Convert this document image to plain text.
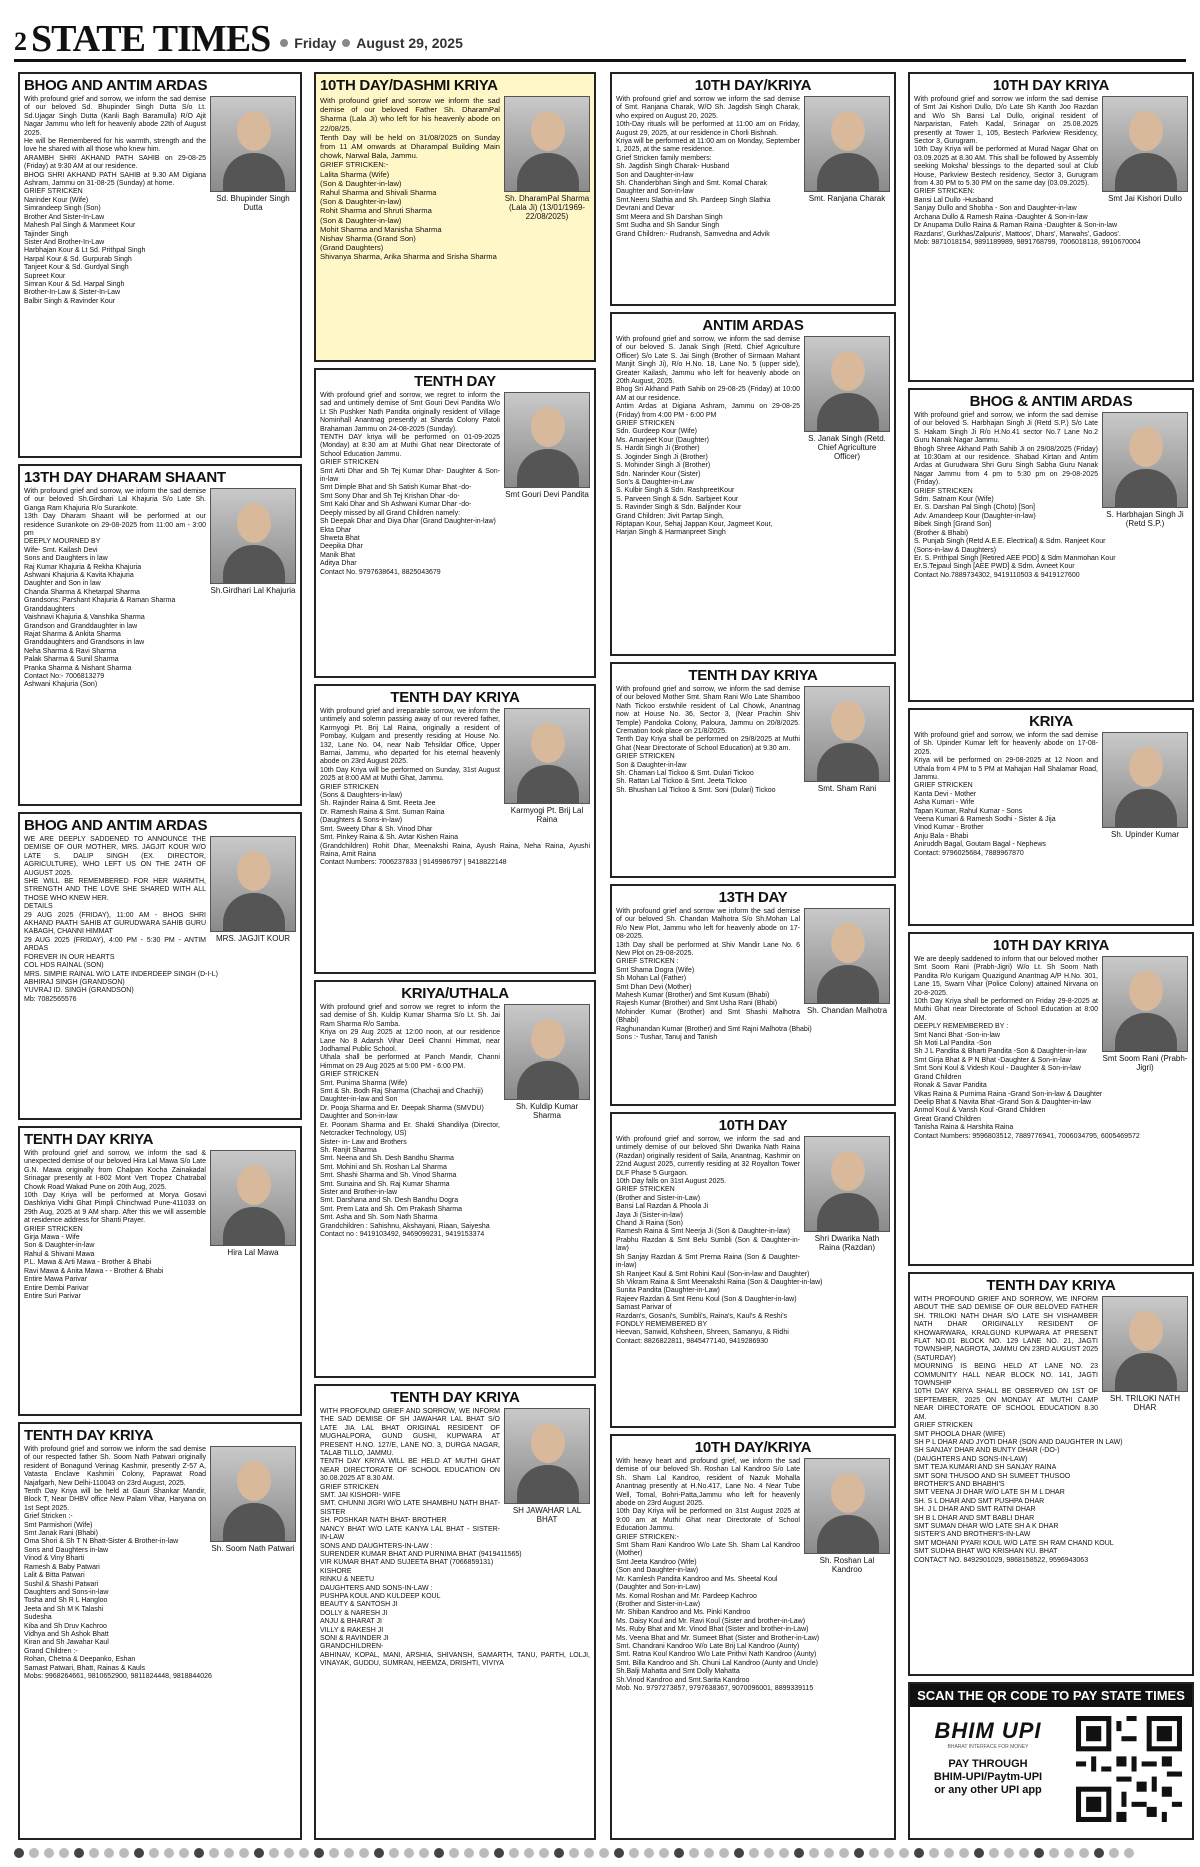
2 STATE TIMES Friday August 29, 2025
BHOG AND ANTIM ARDAS
Sd. Bhupinder Singh Dutta

With profound grief and sorrow, we inform the sad demise of our beloved Sd. Bhupinder Singh Dutta S/o Lt. Sd.Ujagar Singh Dutta (Kanli Bagh Baramulla) R/O Ajit Nagar Jammu who left for heavenly abode 22th of August 2025.
He will be Remembered for his warmth, strength and the love he shared with all those who knew him.
ARAMBH SHRI AKHAND PATH SAHIB on 29-08-25 (Friday) at 9:30 AM at our residence.
BHOG SHRI AKHAND PATH SAHIB at 9.30 AM Digiana Ashram, Jammu on 31-08-25 (Sunday) at home.
GRIEF STRICKEN
Narinder Kour (Wife)
Simrandeep Singh (Son)
Brother And Sister-In-Law
Mahesh Pal Singh & Manmeet Kour
Tajinder Singh
Sister And Brother-In-Law
Harbhajan Kour & Lt Sd. Prithpal Singh
Harpal Kour & Sd. Gurpurab Singh
Tanjeet Kour & Sd. Gurdyal Singh
Supreet Kour
Simran Kour & Sd. Harpal Singh
Brother-In-Law & Sister-In-Law
Balbir Singh & Ravinder Kour

13TH DAY DHARAM SHAANT
Sh.Girdhari Lal Khajuria

With profound grief and sorrow, we inform the sad demise of our beloved Sh.Girdhari Lal Khajuria S/o Late Sh. Ganga Ram Khajuria R/o Surankote.
13th Day Dharam Shaant will be performed at our residence Surankote on 29-08-2025 from 11:00 am - 3:00 pm
DEEPLY MOURNED BY
Wife- Smt. Kailash Devi
Sons and Daughters in law
Raj Kumar Khajuria & Rekha Khajuria
Ashwani Khajuria & Kavita Khajuria
Daughter and Son in law
Chanda Sharma & Khetarpal Sharma
Grandsons: Parshant Khajuria & Raman Sharma
Granddaughters
Vaishnavi Khajuria & Vanshika Sharma
Grandson and Granddaughter in law
Rajat Sharma & Ankita Sharma
Granddaughters and Grandsons in law
Neha Sharma & Ravi Sharma
Palak Sharma & Sunil Sharma
Pranka Sharma & Nishant Sharma
Contact No:- 7006813279
Ashwani Khajuria (Son)

BHOG AND ANTIM ARDAS
MRS. JAGJIT KOUR

WE ARE DEEPLY SADDENED TO ANNOUNCE THE DEMISE OF OUR MOTHER, MRS. JAGJIT KOUR W/O LATE S. DALIP SINGH (EX. DIRECTOR, AGRICULTURE), WHO LEFT US ON THE 24TH OF AUGUST 2025.
SHE WILL BE REMEMBERED FOR HER WARMTH, STRENGTH AND THE LOVE SHE SHARED WITH ALL THOSE WHO KNEW HER.
DETAILS
29 AUG 2025 (FRIDAY), 11:00 AM - BHOG SHRI AKHAND PAATH SAHIB AT GURUDWARA SAHIB GURU KABAGH, CHANNI HIMMAT
29 AUG 2025 (FRIDAY), 4:00 PM - 5:30 PM - ANTIM ARDAS
FOREVER IN OUR HEARTS
COL HDS RAINAL (SON)
MRS. SIMPIE RAINAL W/O LATE INDERDEEP SINGH (D-I-L)
ABHIRAJ SINGH (GRANDSON)
YUVRAJ ID. SINGH (GRANDSON)
Mb: 7082565576

TENTH DAY KRIYA
Hira Lal Mawa

With profound grief and sorrow, we inform the sad & unexpected demise of our beloved Hira Lal Mawa S/o Late G.N. Mawa originally from Chalpan Kocha Zainakadal Srinagar presently at I-802 Mont Vert Tropez Chatrabal Chowk Road Wakad Pune on 20th Aug, 2025.
10th Day Kriya will be performed at Morya Gosavi Dashkriya Vidhi Ghat Pimpli Chinchwad Pune-411033 on 29th Aug, 2025 at 9 AM sharp. After this we will assemble at residence address for Shanti Prayer.
GRIEF STRICKEN
Girja Mawa - Wife
Son & Daughter-in-law
Rahul & Shivani Mawa
P.L. Mawa & Arti Mawa - Brother & Bhabi
Ravi Mawa & Anita Mawa - - Brother & Bhabi
Entire Mawa Parivar
Entire Dembi Parivar
Entire Suri Parivar

TENTH DAY KRIYA
Sh. Soom Nath Patwari

With profound grief and sorrow we inform the sad demise of our respected father Sh. Soom Nath Patwari originally resident of Bonagund Verinag Kashmir, presently Z-57 A, Vatasta Enclave Kashmiri Colony, Paprawat Road Najafgarh, New Delhi-110043 on 23rd August, 2025.
Tenth Day Kriya will be held at Gauri Shankar Mandir, Block T, Near DHBV office New Palam Vihar, Haryana on 1st Sept 2025.
Grief Stricken :-
Smt Parmishori (Wife)
Smt Janak Rani (Bhabi)
Oma Shori & Sh T N Bhatt-Sister & Brother-in-law
Sons and Daughters in-law
Vinod & Viny Bharti
Ramesh & Baby Patwari
Lalit & Bitta Patwari
Sushil & Shashi Patwari
Daughters and Sons-in-law
Tosha and Sh R L Hangloo
Jeeta and Sh M K Talashi
Sudesha
Kiba and Sh Druv Kachroo
Vidhya and Sh Ashok Bhatt
Kiran and Sh Jawahar Kaul
Grand Children :-
Rohan, Chetna & Deepanko, Eshan
Samast Patwari, Bhatt, Rainas & Kauls
Mobs: 9968264661, 9810652900, 9811824448, 9818844026

10TH DAY/DASHMI KRIYA
Sh. DharamPal Sharma (Lala Ji) (13/01/1969-22/08/2025)

With profound grief and sorrow we inform the sad demise of our beloved Father Sh. DharamPal Sharma (Lala Ji) who left for his heavenly abode on 22/08/25.
Tenth Day will be held on 31/08/2025 on Sunday from 11 AM onwards at Dharampal Building Main chowk, Narwal Bala, Jammu.
GRIEF STRICKEN:-
Lalita Sharma (Wife)
(Son & Daughter-in-law)
Rahul Sharma and Shivali Sharma
(Son & Daughter-in-law)
Rohit Sharma and Shruti Sharma
(Son & Daughter-in-law)
Mohit Sharma and Manisha Sharma
Nishav Sharma (Grand Son)
(Grand Daughters)
Shivanya Sharma, Arika Sharma and Srisha Sharma

TENTH DAY
Smt Gouri Devi Pandita

With profound grief and sorrow, we regret to inform the sad and untimely demise of Smt Gouri Devi Pandita W/o Lt Sh Pushker Nath Pandita originally resident of Village Nominhall Anantnag presently at Sharda Colony Patoli Brahaman Jammu on 24-08-2025 (Sunday).
TENTH DAY kriya will be performed on 01-09-2025 (Monday) at 8:30 am at Muthi Ghat near Directorate of School Education Jammu.
GRIEF STRICKEN
Smt Arti Dhar and Sh Tej Kumar Dhar- Daughter & Son-in-law
Smt Dimple Bhat and Sh Satish Kumar Bhat -do-
Smt Sony Dhar and Sh Tej Krishan Dhar -do-
Smt Kaki Dhar and Sh Ashwani Kumar Dhar -do-
Deeply missed by all Grand Children namely:
Sh Deepak Dhar and Diya Dhar (Grand Daughter-in-law)
Ekta Dhar
Shweta Bhat
Deepika Dhar
Manik Bhat
Aditya Dhar
Contact No. 9797638641, 8825043679

TENTH DAY KRIYA
Karmyogi Pt. Brij Lal Raina

With profound grief and irreparable sorrow, we inform the untimely and solemn passing away of our revered father, Karmyogi Pt. Brij Lal Raina, originally a resident of Pombay, Kulgam and presently residing at House No. 132, Lane No. 04, near Naib Tehsildar Office, Upper Barnai, Jammu, who departed for his eternal heavenly abode on 23rd August 2025.
10th Day Kriya will be performed on Sunday, 31st August 2025 at 8:00 AM at Muthi Ghat, Jammu.
GRIEF STRICKEN
(Sons & Daughters-in-law)
Sh. Rajinder Raina & Smt. Reeta Jee
Dr. Ramesh Raina & Smt. Suman Raina
(Daughters & Sons-in-law)
Smt. Sweety Dhar & Sh. Vinod Dhar
Smt. Pinkey Raina & Sh. Avtar Kishen Raina
(Grandchildren) Rohit Dhar, Meenakshi Raina, Ayush Raina, Neha Raina, Ayushi Raina, Amit Raina
Contact Numbers: 7006237833 | 9149986797 | 9418822148

KRIYA/UTHALA
Sh. Kuldip Kumar Sharma

With profound grief and sorrow we regret to inform the sad demise of Sh. Kuldip Kumar Sharma S/o Lt. Sh. Jai Ram Sharma R/o Samba.
Kriya on 29 Aug 2025 at 12:00 noon, at our residence Lane No 8 Adarsh Vihar Deeli Channi Himmat, near Jodhamal Public School.
Uthala shall be performed at Panch Mandir, Channi Himmat on 29 Aug 2025 at 5:00 PM - 6:00 PM.
GRIEF STRICKEN
Smt. Punima Sharma (Wife)
Smt & Sh. Bodh Raj Sharma (Chachaji and Chachiji)
Daughter-in-law and Son
Dr. Pooja Sharma and Er. Deepak Sharma (SMVDU)
Daughter and Son-in-law
Er. Poonam Sharma and Er. Shakti Shandilya (Director, Netcracker Technology, US)
Sister- in- Law and Brothers
Sh. Ranjit Sharma
Smt. Neena and Sh. Desh Bandhu Sharma
Smt. Mohini and Sh. Roshan Lal Sharma
Smt. Shashi Sharma and Sh. Vinod Sharma
Smt. Sunaina and Sh. Raj Kumar Sharma
Sister and Brother-in-law
Smt. Darshana and Sh. Desh Bandhu Dogra
Smt. Prem Lata and Sh. Om Prakash Sharma
Smt. Asha and Sh. Som Nath Sharma
Grandchildren : Sahishnu, Akshayani, Riaan, Saiyesha
Contact no : 9419103492, 9469099231, 9419153374

TENTH DAY KRIYA
SH JAWAHAR LAL BHAT

WITH PROFOUND GRIEF AND SORROW, WE INFORM THE SAD DEMISE OF SH JAWAHAR LAL BHAT S/O LATE JIA LAL BHAT ORIGINAL RESIDENT OF MUGHALPORA, GUND GUSHI, KUPWARA AT PRESENT H.NO. 127/E, LANE NO. 3, DURGA NAGAR, TALAB TILLO, JAMMU.
TENTH DAY KRIYA WILL BE HELD AT MUTHI GHAT NEAR DIRECTORATE OF SCHOOL EDUCATION ON 30.08.2025 AT 8.30 AM.
GRIEF STRICKEN
SMT. JAI KISHORI- WIFE
SMT. CHUNNI JIGRI W/O LATE SHAMBHU NATH BHAT- SISTER
SH. POSHKAR NATH BHAT- BROTHER
NANCY BHAT W/O LATE KANYA LAL BHAT - SISTER-IN-LAW
SONS AND DAUGHTERS-IN-LAW :
SURENDER KUMAR BHAT AND PURNIMA BHAT (9419411565)
VIR KUMAR BHAT AND SUJEETA BHAT (7066859131)
KISHORE
RINKU & NEETU
DAUGHTERS AND SONS-IN-LAW :
PUSHPA KOUL AND KULDEEP KOUL
BEAUTY & SANTOSH JI
DOLLY & NARESH JI
ANJU & BHARAT JI
VILLY & RAKESH JI
SONI & RAVINDER JI
GRANDCHILDREN-
ABHINAV, KOPAL, MANI, ARSHIA, SHIVANSH, SAMARTH, TANU, PARTH, LOLJI, VINAYAK, GUDDU, SUMRAN, HEEMZA, DRISHTI, VIVIYA

10TH DAY/KRIYA
Smt. Ranjana Charak

With profound grief and sorrow we inform the sad demise of Smt. Ranjana Charak, W/O Sh. Jagdish Singh Charak, who expired on August 20, 2025.
10th-Day rituals will be performed at 11:00 am on Friday, August 29, 2025, at our residence in Chorli Bishnah.
Kriya will be performed at 11:00 am on Monday, September 1, 2025, at the same residence.
Grief Stricken family members:
Sh. Jagdish Singh Charak- Husband
Son and Daughter-in-law
Sh. Chanderbhan Singh and Smt. Komal Charak
Daughter and Son-in-law
Smt.Neeru Slathia and Sh. Pardeep Singh Slathia
Devrani and Devar
Smt Meera and Sh Darshan Singh
Smt Sudha and Sh Sandur Singh
Grand Children:- Rudransh, Samvedna and Advik

ANTIM ARDAS
S. Janak Singh (Retd. Chief Agriculture Officer)

With profound grief and sorrow, we inform the sad demise of our beloved S. Janak Singh (Retd. Chief Agriculture Officer) S/o Late S. Jai Singh (Brother of Sirmaan Mahant Manjit Singh Ji), R/o H.No. 18, Lane No. 5 (upper side), Greater Kailash, Jammu who left for heavenly abode on 20th August, 2025.
Bhog Sri Akhand Path Sahib on 29-08-25 (Friday) at 10:00 AM at our residence.
Antim Ardas at Digiana Ashram, Jammu on 29-08-25 (Friday) from 4:00 PM - 6:00 PM
GRIEF STRICKEN
Sdn. Gurdeep Kour (Wife)
Ms. Amarjeet Kour (Daughter)
S. Hardit Singh Ji (Brother)
S. Joginder Singh Ji (Brother)
S. Mohinder Singh Ji (Brother)
Sdn. Narinder Kour (Sister)
Son's & Daughter-in-Law
S. Kulbir Singh & Sdn. RashpreetKour
S. Parveen Singh & Sdn. Sarbjeet Kour
S. Ravinder Singh & Sdn. Baljinder Kour
Grand Children: Jivit Partap Singh,
Riptapan Kour, Sehaj Jappan Kour, Jagmeet Kour,
Harjan Singh & Harmanpreet Singh

TENTH DAY KRIYA
Smt. Sham Rani

With profound grief and sorrow, we inform the sad demise of our beloved Mother Smt. Sham Rani W/o Late Shamboo Nath Tickoo erstwhile resident of Lal Chowk, Anantnag now at House No. 36, Sector 3, (Near Prachin Shiv Temple) Pandoka Colony, Paloura, Jammu on 20/8/2025. Cremation took place on 21/8/2025.
Tenth Day Kriya shall be performed on 29/8/2025 at Muthi Ghat (Near Directorate of School Education) at 9.30 am.
GRIEF STRICKEN
Son & Daughter-in-law
Sh. Chaman Lal Tickoo & Smt. Dulari Tickoo
Sh. Rattan Lal Tickoo & Smt. Jeeta Tickoo
Sh. Bhushan Lal Tickoo & Smt. Soni (Dulari) Tickoo

13TH DAY
Sh. Chandan Malhotra

With profound grief and sorrow we inform the sad demise of our beloved Sh. Chandan Malhotra S/o Sh.Mohan Lal R/o New Plot, Jammu who left for heavenly abode on 17-08-2025.
13th Day shall be performed at Shiv Mandir Lane No. 6 New Plot on 29-08-2025.
GRIEF STRICKEN :
Smt Shama Dogra (Wife)
Sh Mohan Lal (Father)
Smt Dhan Devi (Mother)
Mahesh Kumar (Brother) and Smt Kusum (Bhabi)
Rajesh Kumar (Brother) and Smt Usha Rani (Bhabi)
Mohinder Kumar (Brother) and Smt Shashi Malhotra (Bhabi)
Raghunandan Kumar (Brother) and Smt Rajni Malhotra (Bhabi)
Sons :- Tushar, Tanuj and Tanish

10TH DAY
Shri Dwarika Nath Raina (Razdan)

With profound grief and sorrow, we inform the sad and untimely demise of our beloved Shri Dwarika Nath Raina (Razdan) originally resident of Saila, Anantnag, Kashmir on 22nd August 2025, currently residing at 32 Royalton Tower DLF Phase 5 Gurgaon.
10th Day falls on 31st August 2025.
GRIEF STRICKEN
(Brother and Sister-in-Law)
Bansi Lal Razdan & Phoola Ji
Jaya Ji (Sister-in-law)
Chand Ji Raina (Son)
Ramesh Raina & Smt Neerja Ji (Son & Daughter-in-law)
Prabhu Razdan & Smt Belu Sumbli (Son & Daughter-in-law)
Sh Sanjay Razdan & Smt Prerna Raina (Son & Daughter-in-law)
Sh Ranjeet Kaul & Smt Rohini Kaul (Son-in-law and Daughter)
Sh Vikram Raina & Smt Meenakshi Raina (Son & Daughter-in-law)
Sunita Pandita (Daughter-in-Law)
Rajeev Razdan & Smt Renu Koul (Son & Daughter-in-law)
Samast Parivar of
Razdan's, Gosani's, Sumbli's, Raina's, Kaul's & Reshi's
FONDLY REMEMBERED BY
Heevan, Sanwid, Kohsheen, Shreen, Samanyu, & Ridhi
Contact: 8826822811, 9845477140, 9419286930

10TH DAY/KRIYA
Sh. Roshan Lal Kandroo

With heavy heart and profound grief, we inform the sad demise of our beloved Sh. Roshan Lal Kandroo S/o Late Sh. Sham Lal Kandroo, resident of Nazuk Mohalla Anantnag presently at H.No.417, Lane No. 4 Near Tube Well, Tomal, Bohri-Patta,Jammu who left for heavenly abode on 23rd August 2025.
10th Day Kriya will be performed on 31st August 2025 at 9:00 am at Muthi Ghat near Directorate of School Education Jammu.
GRIEF STRICKEN:-
Smt Sham Rani Kandroo W/o Late Sh. Sham Lal Kandroo (Mother)
Smt Jeeta Kandroo (Wife)
(Son and Daughter-in-law)
Mr. Kamlesh Pandita Kandroo and Ms. Sheetal Koul
(Daughter and Son-in-Law)
Ms. Komal Roshan and Mr. Pardeep Kachroo
(Brother and Sister-in-Law)
Mr. Shiban Kandroo and Ms. Pinki Kandroo
Ms. Daisy Koul and Mr. Ravi Koul (Sister and brother-in-Law)
Ms. Ruby Bhat and Mr. Vinod Bhat (Sister and brother-in-Law)
Ms. Veena Bhat and Mr. Sumeet Bhat (Sister and Brother-in-Law)
Smt. Chandrani Kandroo W/o Late Brij Lal Kandroo (Aunty)
Smt. Ratna Koul Kandroo W/o Late Prithvi Nath Kandroo (Aunty)
Smt. Billa Kandroo and Sh. Chuni Lal Kandroo (Aunty and Uncle)
Sh.Balji Mahatta and Smt Dolly Mahatta
Sh.Vinod Kandroo and Smt.Sarita Kandroo
Mob. No. 9797273857, 9797638367, 9070096001, 8899339115

10TH DAY KRIYA
Smt Jai Kishori Dullo

With profound grief and sorrow we inform the sad demise of Smt Jai Kishori Dullo, D/o Late Sh Kanth Joo Razdan and W/o Sh Bansi Lal Dullo, original resident of Narparistan, Fateh Kadal, Srinagar on 25.08.2025 presently at Tower 1, 105, Bestech Parkview Residency, Sector 3, Gurugram.
10th Day Kriya will be performed at Murad Nagar Ghat on 03.09.2025 at 8.30 AM. This shall be followed by Assembly seeking Moksha/ blessings to the departed soul at Club House, Parkview Bestech residency, Sector 3, Gurugram from 4.30 PM to 5.30 PM on the same day (03.09.2025).
GRIEF STRICKEN:
Bansi Lal Dullo -Husband
Sanjay Dullo and Shobha - Son and Daughter-in-law
Archana Dullo & Ramesh Raina -Daughter & Son-in-law
Dr Anupama Dullo Raina & Raman Raina -Daughter & Son-in-law
Razdans', Gurkhas/Zalpuris', Mattoos', Dhars', Marwahs', Gadoos'.
Mob: 9871018154, 9891189989, 9891768799, 7006018118, 9910670004

BHOG & ANTIM ARDAS
S. Harbhajan Singh Ji (Retd S.P.)

With profound grief and sorrow, we inform the sad demise of our beloved S. Harbhajan Singh Ji (Retd S.P.) S/o Late S. Hakam Singh Ji R/o H.No.41 sector No.7 Lane No.2 Guru Nanak Nagar Jammu.
Bhogh Shree Akhand Path Sahib Ji on 29/08/2025 (Friday) at 10:30am at our residence. Shabad Kirtan and Antim Ardas at Gurudwara Shri Guru Singh Sabha Guru Nanak Nagar Jammu from 4 pm to 5:30 pm on 29-08-2025 (Friday).
GRIEF STRICKEN
Sdm. Satnam Kour (Wife)
Er. S. Darshan Pal Singh (Choto) [Son]
Adv. Amandeep Kour (Daughter-in-law)
Bibek Singh [Grand Son]
(Brother & Bhabi)
S. Punjab Singh (Retd A.E.E. Electrical) & Sdrn. Ranjeet Kour
(Sons-in-law & Daughters)
Er. S. Prithipal Singh [Retired AEE PDD] & Sdm Manmohan Kour
Er.S.Tejpaul Singh [AEE PWD] & Sdrn. Avneet Kour
Contact No.7889734302, 9419110503 & 9419127600

KRIYA
Sh. Upinder Kumar

With profound grief and sorrow, we inform the sad demise of Sh. Upinder Kumar left for heavenly abode on 17-08-2025.
Kriya will be performed on 29-08-2025 at 12 Noon and Uthala from 4 PM to 5 PM at Mahajan Hall Shalamar Road, Jammu.
GRIEF STRICKEN
Kanta Devi - Mother
Asha Kumari - Wife
Tapan Kumar, Rahul Kumar - Sons
Veena Kumari & Ramesh Sodhi - Sister & Jija
Vinod Kumar - Brother
Anju Bala - Bhabi
Aniruddh Bagal, Goutam Bagal - Nephews
Contact: 9796025684, 7889967870

10TH DAY KRIYA
Smt Soom Rani (Prabh-Jigri)

We are deeply saddened to inform that our beloved mother Smt Soom Rani (Prabh-Jigri) W/o Lt. Sh Soom Nath Pandita R/o Kurigam Quazigund Anantnag A/P H.No. 301, Lane 15, Swarn Vihar (Police Colony) attained Nirvana on 20-8-2025.
10th Day Kriya shall be performed on Friday 29-8-2025 at Muthi Ghat near Directorate of School Education at 8:00 AM.
DEEPLY REMEMBERED BY :
Smt Nanci Bhat -Son-in-law
Sh Moti Lal Pandita -Son
Sh J L Pandita & Bharti Pandita -Son & Daughter-in-law
Smt Girja Bhat & P N Bhat -Daughter & Son-in-law
Smt Soni Koul & Videsh Koul - Daughter & Son-in-law
Grand Children
Ronak & Savar Pandita
Vikas Raina & Purnima Raina -Grand Son-in-law & Daughter
Deelip Bhat & Navita Bhat -Grand Son & Daughter-in-law
Anmol Koul & Vansh Koul -Grand Children
Great Grand Children
Tanisha Raina & Harshita Raina
Contact Numbers: 9596803512, 7889776941, 7006034795, 6005469572

TENTH DAY KRIYA
SH. TRILOKI NATH DHAR

WITH PROFOUND GRIEF AND SORROW, WE INFORM ABOUT THE SAD DEMISE OF OUR BELOVED FATHER SH. TRILOKI NATH DHAR S/O LATE SH VISHAMBER NATH DHAR ORIGINALLY RESIDENT OF KHOWARWARA, KRALGUND KUPWARA AT PRESENT FLAT NO.01 BLOCK NO. 129 LANE NO. 21, JAGTI TOWNSHIP, NAGROTA, JAMMU ON 23RD AUGUST 2025 (SATURDAY)
MOURNING IS BEING HELD AT LANE NO. 23 COMMUNITY HALL NEAR BLOCK NO. 141, JAGTI TOWNSHIP
10TH DAY KRIYA SHALL BE OBSERVED ON 1ST OF SEPTEMBER, 2025 ON MONDAY AT MUTHI CAMP NEAR DIRECTORATE OF SCHOOL EDUCATION 8.30 AM.
GRIEF STRICKEN
SMT PHOOLA DHAR (WIFE)
SH P L DHAR AND JYOTI DHAR (SON AND DAUGHTER IN LAW)
SH SANJAY DHAR AND BUNTY DHAR (-DO-)
(DAUGHTERS AND SONS-IN-LAW)
SMT TEJA KUMARI AND SH SANJAY RAINA
SMT SONI THUSOO AND SH SUMEET THUSOO
BROTHER'S AND BHABHI'S
SMT VEENA JI DHAR W/O LATE SH M L DHAR
SH. S L DHAR AND SMT PUSHPA DHAR
SH. J L DHAR AND SMT RATNI DHAR
SH B L DHAR AND SMT BABLI DHAR
SMT SUMAN DHAR W/O LATE SH A K DHAR
SISTER'S AND BROTHER'S-IN-LAW
SMT MOHANI PYARI KOUL W/O LATE SH RAM CHAND KOUL
SMT SUDHA BHAT W/O KRISHAN KU. BHAT
CONTACT NO. 8492901029, 9868158522, 9596943063

SCAN THE QR CODE TO PAY STATE TIMES
BHIM UPI
BHARAT INTERFACE FOR MONEY
PAY THROUGH
BHIM-UPI/Paytm-UPI
or any other UPI app
